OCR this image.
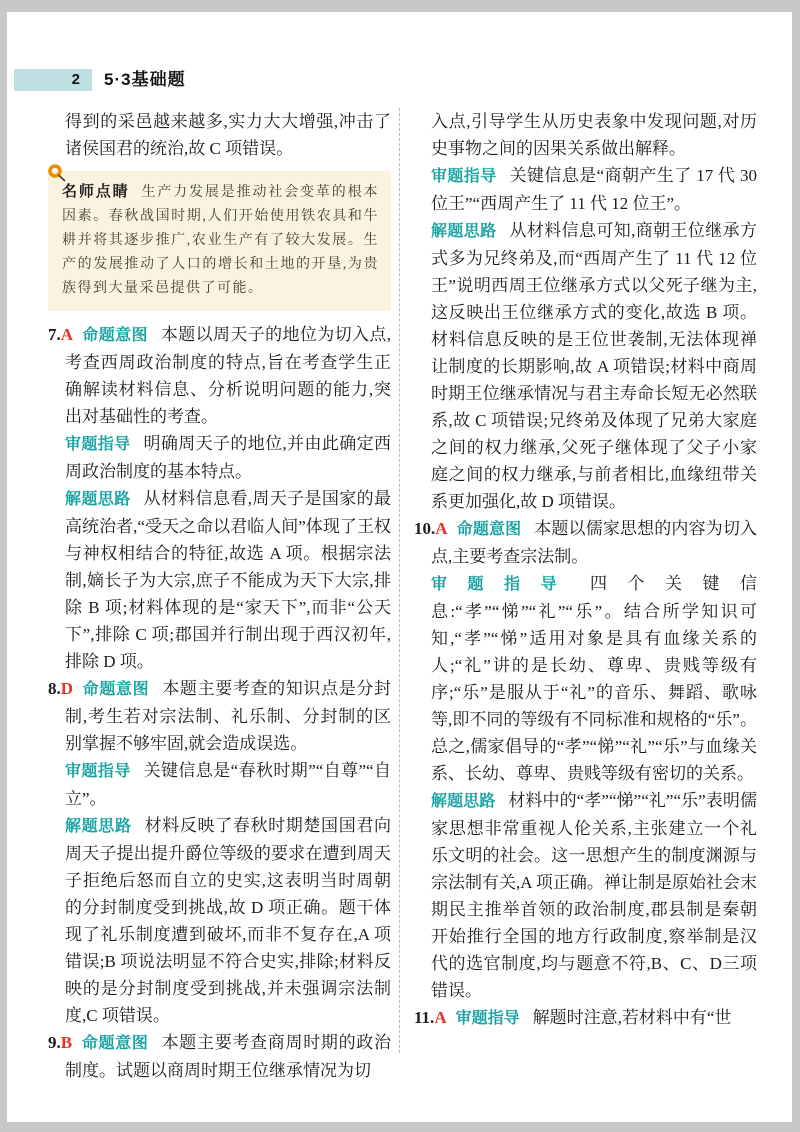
2	5·3基础题

得到的采邑越来越多,实力大大增强,冲击了诸侯国君的统治,故 C 项错误。

名师点睛 生产力发展是推动社会变革的根本因素。春秋战国时期,人们开始使用铁农具和牛耕并将其逐步推广,农业生产有了较大发展。生产的发展推动了人口的增长和土地的开垦,为贵族得到大量采邑提供了可能。

7.A 命题意图 本题以周天子的地位为切入点,考查西周政治制度的特点,旨在考查学生正确解读材料信息、分析说明问题的能力,突出对基础性的考查。

审题指导 明确周天子的地位,并由此确定西周政治制度的基本特点。

解题思路 从材料信息看,周天子是国家的最高统治者,“受天之命以君临人间”体现了王权与神权相结合的特征,故选 A 项。根据宗法制,嫡长子为大宗,庶子不能成为天下大宗,排除 B 项;材料体现的是“家天下”,而非“公天下”,排除 C 项;郡国并行制出现于西汉初年,排除 D 项。

8.D 命题意图 本题主要考查的知识点是分封制,考生若对宗法制、礼乐制、分封制的区别掌握不够牢固,就会造成误选。

审题指导 关键信息是“春秋时期”“自尊”“自立”。

解题思路 材料反映了春秋时期楚国国君向周天子提出提升爵位等级的要求在遭到周天子拒绝后怒而自立的史实,这表明当时周朝的分封制度受到挑战,故 D 项正确。题干体现了礼乐制度遭到破坏,而非不复存在,A 项错误;B 项说法明显不符合史实,排除;材料反映的是分封制度受到挑战,并未强调宗法制度,C 项错误。

9.B 命题意图 本题主要考查商周时期的政治制度。试题以商周时期王位继承情况为切

入点,引导学生从历史表象中发现问题,对历史事物之间的因果关系做出解释。

审题指导 关键信息是“商朝产生了 17 代 30 位王”“西周产生了 11 代 12 位王”。

解题思路 从材料信息可知,商朝王位继承方式多为兄终弟及,而“西周产生了 11 代 12 位王”说明西周王位继承方式以父死子继为主,这反映出王位继承方式的变化,故选 B 项。材料信息反映的是王位世袭制,无法体现禅让制度的长期影响,故 A 项错误;材料中商周时期王位继承情况与君主寿命长短无必然联系,故 C 项错误;兄终弟及体现了兄弟大家庭之间的权力继承,父死子继体现了父子小家庭之间的权力继承,与前者相比,血缘纽带关系更加强化,故 D 项错误。

10.A 命题意图 本题以儒家思想的内容为切入点,主要考查宗法制。

审题指导 四个关键信息:“孝”“悌”“礼”“乐”。结合所学知识可知,“孝”“悌”适用对象是具有血缘关系的人;“礼”讲的是长幼、尊卑、贵贱等级有序;“乐”是服从于“礼”的音乐、舞蹈、歌咏等,即不同的等级有不同标准和规格的“乐”。总之,儒家倡导的“孝”“悌”“礼”“乐”与血缘关系、长幼、尊卑、贵贱等级有密切的关系。

解题思路 材料中的“孝”“悌”“礼”“乐”表明儒家思想非常重视人伦关系,主张建立一个礼乐文明的社会。这一思想产生的制度渊源与宗法制有关,A 项正确。禅让制是原始社会末期民主推举首领的政治制度,郡县制是秦朝开始推行全国的地方行政制度,察举制是汉代的选官制度,均与题意不符,B、C、D三项错误。

11.A 审题指导 解题时注意,若材料中有“世
